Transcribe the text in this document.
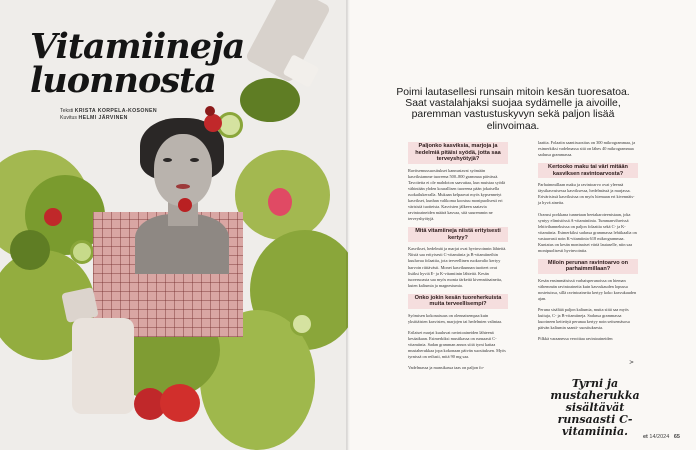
Vitamiineja
luonnosta
Teksti KRISTA KORPELA-KOSONEN
Kuvitus HELMI JÄRVINEN
Poimi lautasellesi runsain mitoin kesän tuoresatoa. Saat vastalahjaksi suojaa sydämelle ja aivoille, paremman vastustuskyvyn sekä paljon lisää elinvoimaa.
Paljonko kasviksia, marjoja ja hedelmiä pitäisi syödä, jotta saa terveyshyötyjä?
Ravitsemussuositukset kannustavat syömään kasviksiamme tuoreena 500–800 grammaa päivässä. Tavoitetta ei ole mahdoton saavuttaa, kun muistaa syödä vähintään yhden kourallisen tuoreena pään jokaisella ruokailukerralla. Mukaan kelpaavat myös kypsennetyt kasvikset, kunhan valikoma koostuu monipuolisesti eri värisistä tuotteista. Kasvisten jälkeen saatavia ravintoaineiden määrä kasvaa, sitä suuremmin ne terveyshyötyjä.
Mitä vitamiineja niistä erityisesti kertyy?
Kasvikset, hedelmät ja marjat ovat hyvinvoinnin lähteitä. Niistä saa erityisesti C-vitamiinia ja B-vitamiineihin kuuluvaa folaattia, jota terveellinen ruokavalio kertyy harvoin riittävästi. Monet kasvikunnan tuotteet ovat lisäksi hyviä E- ja K-vitamiinin lähteitä. Kesän tuoreruoasta saa myös monia tärkeitä kivennäisaineita, kuten kaliumia ja magnesiumia.
Onko jokin kesän tuoreherkuista muita terveellisempi?
Syömisen kokonaisuus on olennaisempaa kuin yksittäisten kasvisten, marjojen tai hedelmien valintaa.
Erilaiset marjat kuuluvat ravintoaineiden lähteenä kesäaikaan. Esimerkiksi mustikassa on runsaasti C-vitamiinia. Sadan gramman annos siitä tyrni kattaa mustaherukkaa jopa kokonaan päivän suosituksen. Myös tyrnissä on reilusti, mitä 90 mg saa.
Vadelmassa ja mansikassa taas on paljon fo-
laattia. Folaatin saantisuositus on 300 mikrogrammaa, ja esimerkiksi vadelmassa sitä on lähes 40 mikrogrammaa sadassa grammassa.
Kertooko maku tai väri mitään kasviksen ravintoarvosta?
Parhaimmillaan maku ja ravintoarvo ovat yleensä täysikasvuisessa kasviksessa, hedelmässä ja marjassa. Erivärisissä kasviksissa on myös hiemaan eri kivennäis- ja hyvä aineita.
Oranssi porkkana tunnetaan beetakaroteenistaan, joka syntyy elimistössä A-vitaminiinia. Tummanvihreissä lehtivihanneksissa on paljon folaattia sekä C- ja K-vitamiinia. Esimerkiksi sadassa grammassa lehtikaalia on vastaavasti noin K-vitamiinia 618 mikrogrammaa. Kuntatus on kesän moninaiset väriä lautaselle, niin saa monipuolisesti hyvinvointia.
Miloin perunan ravintoarvo on parhaimmillaan?
Kesän ensimmäisissä varhaisperunoissa on hieman vähemmän ravintoaineita kuin kasvukauden lopussa nostetuissa, sillä ravintoaineita kertyy koko kasvukauden ajan.
Peruna sisältää paljon kaliumia, mutta siitä saa myös kuituja, C- ja B-vitamiineja. Sadassa grammassa kuorineen keitettyä perunaa kertyy noin seitsemäsosa päivän kaliumin saanti- suosituksesta.
Pilkkä varaanessa veroittaa ravintoaineiden
Tyrni ja mustaherukka sisältävät runsaasti C-vitamiinia.	et 14/2024 65
>
